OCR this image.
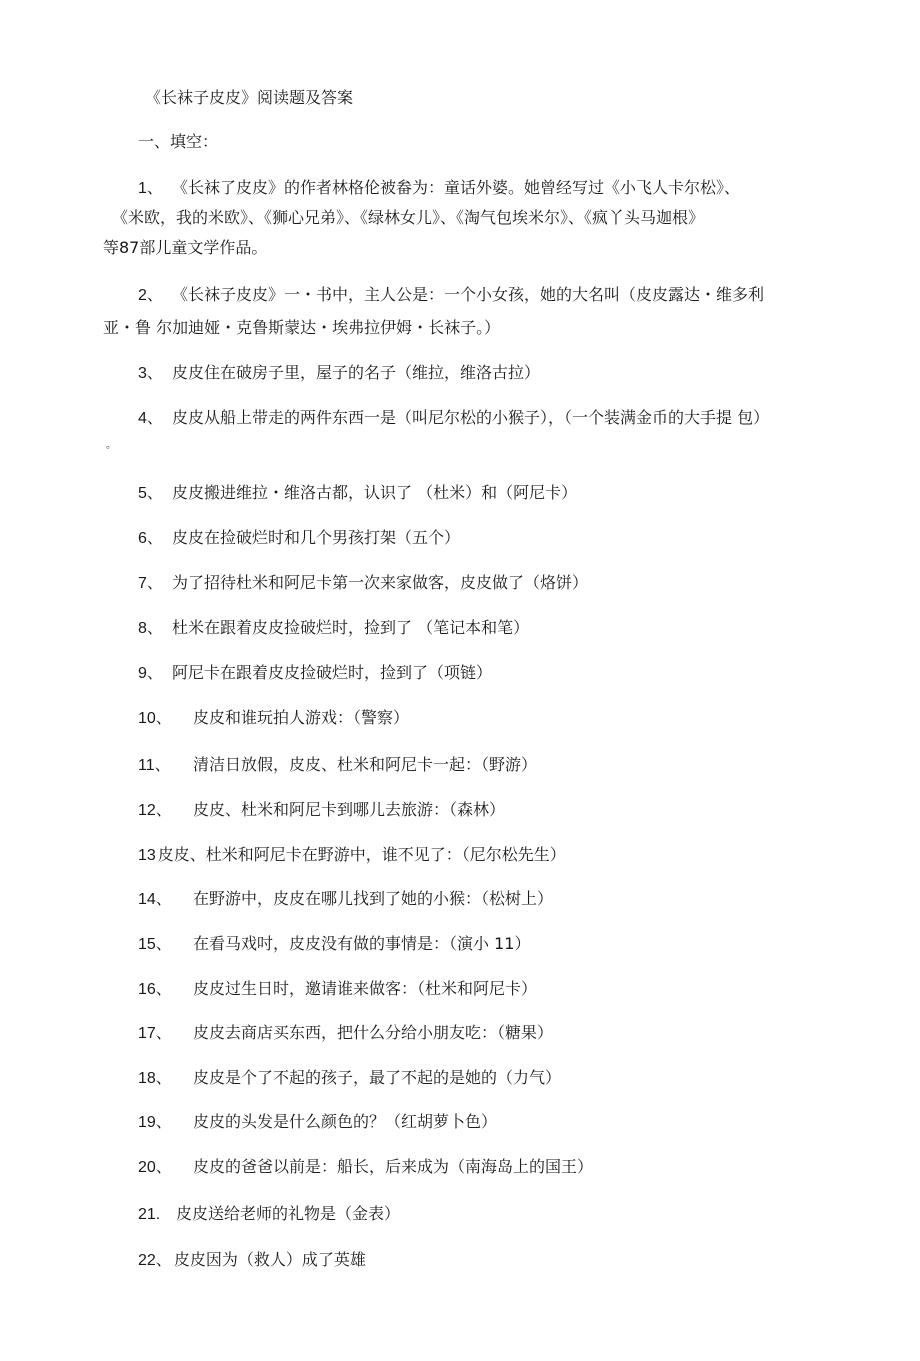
《长袜子皮皮》阅读题及答案
一、填空：
1、 《长袜了皮皮》的作者林格伦被畚为：童话外婆。她曾经写过《小飞人卡尔松》、
《米欧，我的米欧》、《狮心兄弟》、《绿林女儿》、《淘气包埃米尔》、《疯丫头马迦根》
等87部儿童文学作品。
2、 《长袜子皮皮》一・书中，主人公是：一个小女孩，她的大名叫（皮皮露达・维多利
亚・鲁 尔加迪娅・克鲁斯蒙达・埃弗拉伊姆・长袜子。）
3、 皮皮住在破房子里，屋子的名子（维拉，维洛古拉）
4、 皮皮从船上带走的两件东西一是（叫尼尔松的小猴子），（一个装满金币的大手提 包）
。
5、 皮皮搬进维拉・维洛古都，认识了 （杜米）和（阿尼卡）
6、 皮皮在捡破烂时和几个男孩打架（五个）
7、 为了招待杜米和阿尼卡第一次来家做客，皮皮做了（烙饼）
8、 杜米在跟着皮皮捡破烂时，捡到了 （笔记本和笔）
9、 阿尼卡在跟着皮皮捡破烂时，捡到了（项链）
10、 皮皮和谁玩拍人游戏：（警察）
11、 清洁日放假，皮皮、杜米和阿尼卡一起：（野游）
12、 皮皮、杜米和阿尼卡到哪儿去旅游：（森林）
13 皮皮、杜米和阿尼卡在野游中，谁不见了：（尼尔松先生）
14、 在野游中，皮皮在哪儿找到了她的小猴：（松树上）
15、 在看马戏吋，皮皮没有做的事情是：（演小 11）
16、 皮皮过生日时，邀请谁来做客：（杜米和阿尼卡）
17、 皮皮去商店买东西，把什么分给小朋友吃：（糖果）
18、 皮皮是个了不起的孩子，最了不起的是她的（力气）
19、 皮皮的头发是什么颜色的？（红胡萝卜色）
20、 皮皮的爸爸以前是：船长，后来成为（南海岛上的国王）
21. 皮皮送给老师的礼物是（金表）
22、 皮皮因为（救人）成了英雄
